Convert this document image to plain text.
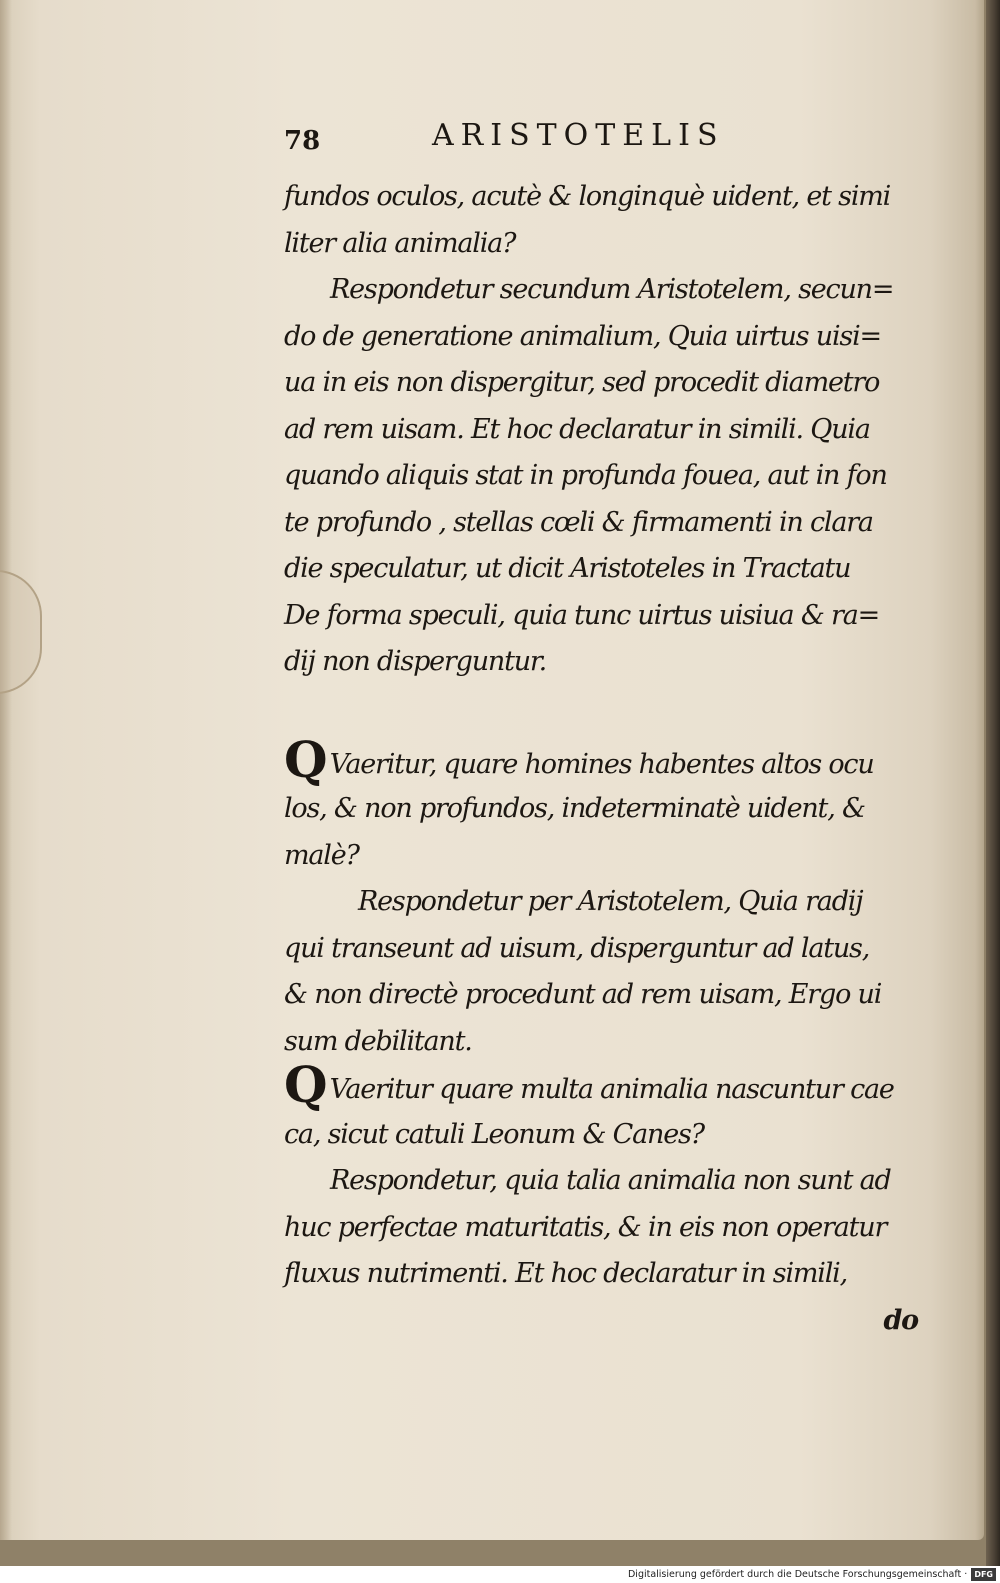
78	ARISTOTELIS
fundos oculos, acutè & longinquè uident, et simi
liter alia animalia?
Respondetur secundum Aristotelem, secun=
do de generatione animalium, Quia uirtus uisi=
ua in eis non dispergitur, sed procedit diametro
ad rem uisam. Et hoc declaratur in simili. Quia
quando aliquis stat in profunda fouea, aut in fon
te profundo , stellas cœli & firmamenti in clara
die speculatur, ut dicit Aristoteles in Tractatu
De forma speculi, quia tunc uirtus uisiua & ra=
dij non disperguntur.
QVaeritur, quare homines habentes altos ocu
los, & non profundos, indeterminatè uident, &
malè?
Respondetur per Aristotelem, Quia radij
qui transeunt ad uisum, disperguntur ad latus,
& non directè procedunt ad rem uisam, Ergo ui
sum debilitant.
QVaeritur quare multa animalia nascuntur cae
ca, sicut catuli Leonum & Canes?
Respondetur, quia talia animalia non sunt ad
huc perfectae maturitatis, & in eis non operatur
fluxus nutrimenti. Et hoc declaratur in simili,
do
Digitalisierung gefördert durch die Deutsche Forschungsgemeinschaft · DFG
